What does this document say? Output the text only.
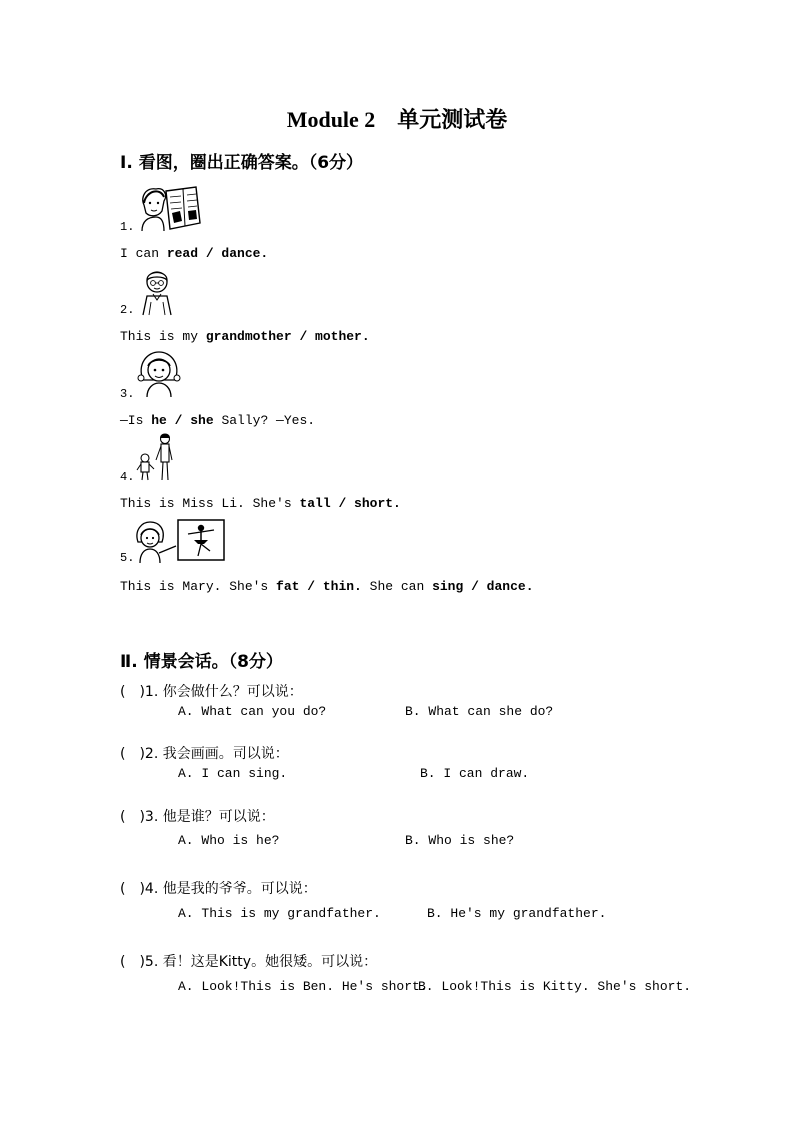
Module 2　单元测试卷
Ⅰ. 看图，圈出正确答案。（6分）
1.
I can read / dance.
2.
This is my grandmother / mother.
3.
—Is he / she Sally? —Yes.
4.
This is Miss Li. She's tall / short.
5.
This is Mary. She's fat / thin. She can sing / dance.
Ⅱ. 情景会话。（8分）
(　)1. 你会做什么？可以说：
A. What can you do?	B. What can she do?
(　)2. 我会画画。司以说：
A. I can sing.	B. I can draw.
(　)3. 他是谁？可以说：
A. Who is he?	B. Who is she?
(　)4. 他是我的爷爷。可以说：
A. This is my grandfather.	B. He's my grandfather.
(　)5. 看！这是Kitty。她很矮。可以说：
A. Look!This is Ben. He's short.
B. Look!This is Kitty. She's short.
